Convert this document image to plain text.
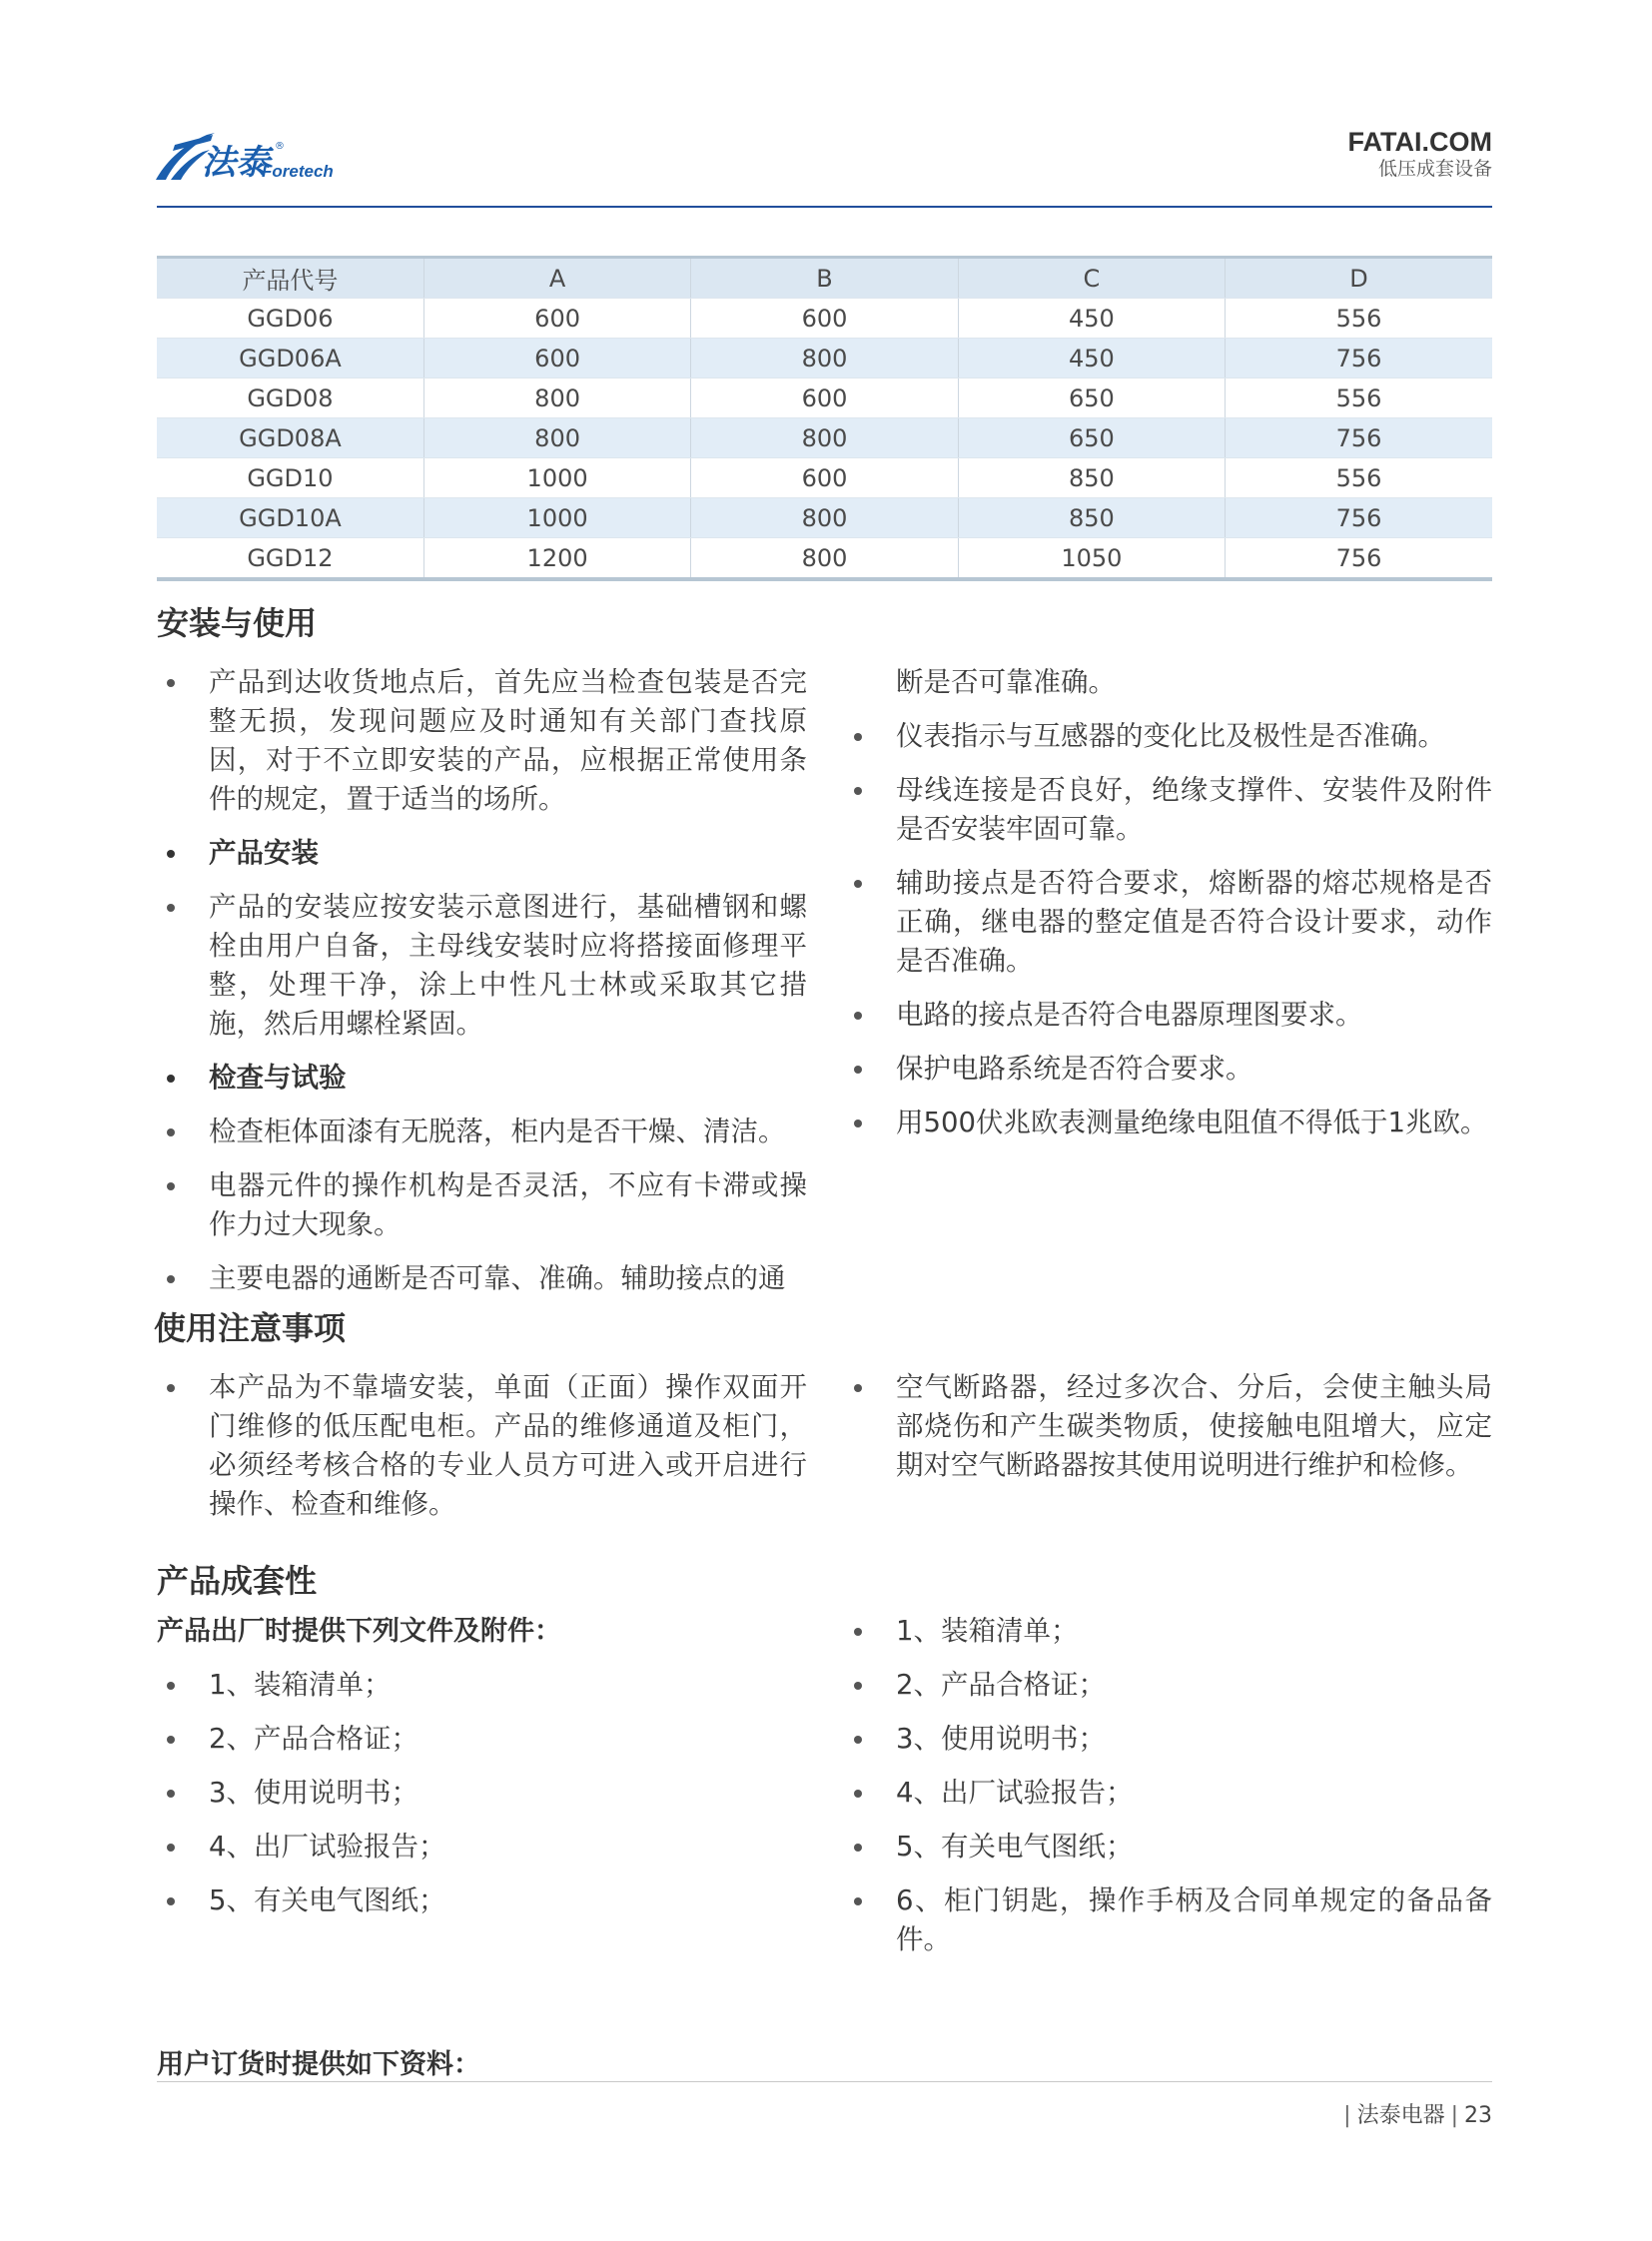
法泰 ®
Foretech
FATAI.COM
低压成套设备
产品代号	A	B	C	D
GGD06	600	600	450	556
GGD06A	600	800	450	756
GGD08	800	600	650	556
GGD08A	800	800	650	756
GGD10	1000	600	850	556
GGD10A	1000	800	850	756
GGD12	1200	800	1050	756
安装与使用
产品到达收货地点后，首先应当检查包装是否完整无损，发现问题应及时通知有关部门查找原因，对于不立即安装的产品，应根据正常使用条件的规定，置于适当的场所。
产品安装
产品的安装应按安装示意图进行，基础槽钢和螺栓由用户自备，主母线安装时应将搭接面修理平整，处理干净，涂上中性凡士林或采取其它措施，然后用螺栓紧固。
检查与试验
检查柜体面漆有无脱落，柜内是否干燥、清洁。
电器元件的操作机构是否灵活，不应有卡滞或操作力过大现象。
主要电器的通断是否可靠、准确。辅助接点的通
断是否可靠准确。
仪表指示与互感器的变化比及极性是否准确。
母线连接是否良好，绝缘支撑件、安装件及附件是否安装牢固可靠。
辅助接点是否符合要求，熔断器的熔芯规格是否正确，继电器的整定值是否符合设计要求，动作是否准确。
电路的接点是否符合电器原理图要求。
保护电路系统是否符合要求。
用500伏兆欧表测量绝缘电阻值不得低于1兆欧。
使用注意事项
本产品为不靠墙安装，单面（正面）操作双面开门维修的低压配电柜。产品的维修通道及柜门，必须经考核合格的专业人员方可进入或开启进行操作、检查和维修。
空气断路器，经过多次合、分后，会使主触头局部烧伤和产生碳类物质，使接触电阻增大，应定期对空气断路器按其使用说明进行维护和检修。
产品成套性
产品出厂时提供下列文件及附件：
1、装箱清单；
2、产品合格证；
3、使用说明书；
4、出厂试验报告；
5、有关电气图纸；
1、装箱清单；
2、产品合格证；
3、使用说明书；
4、出厂试验报告；
5、有关电气图纸；
6、柜门钥匙，操作手柄及合同单规定的备品备件。
用户订货时提供如下资料：
| 法泰电器 | 23
